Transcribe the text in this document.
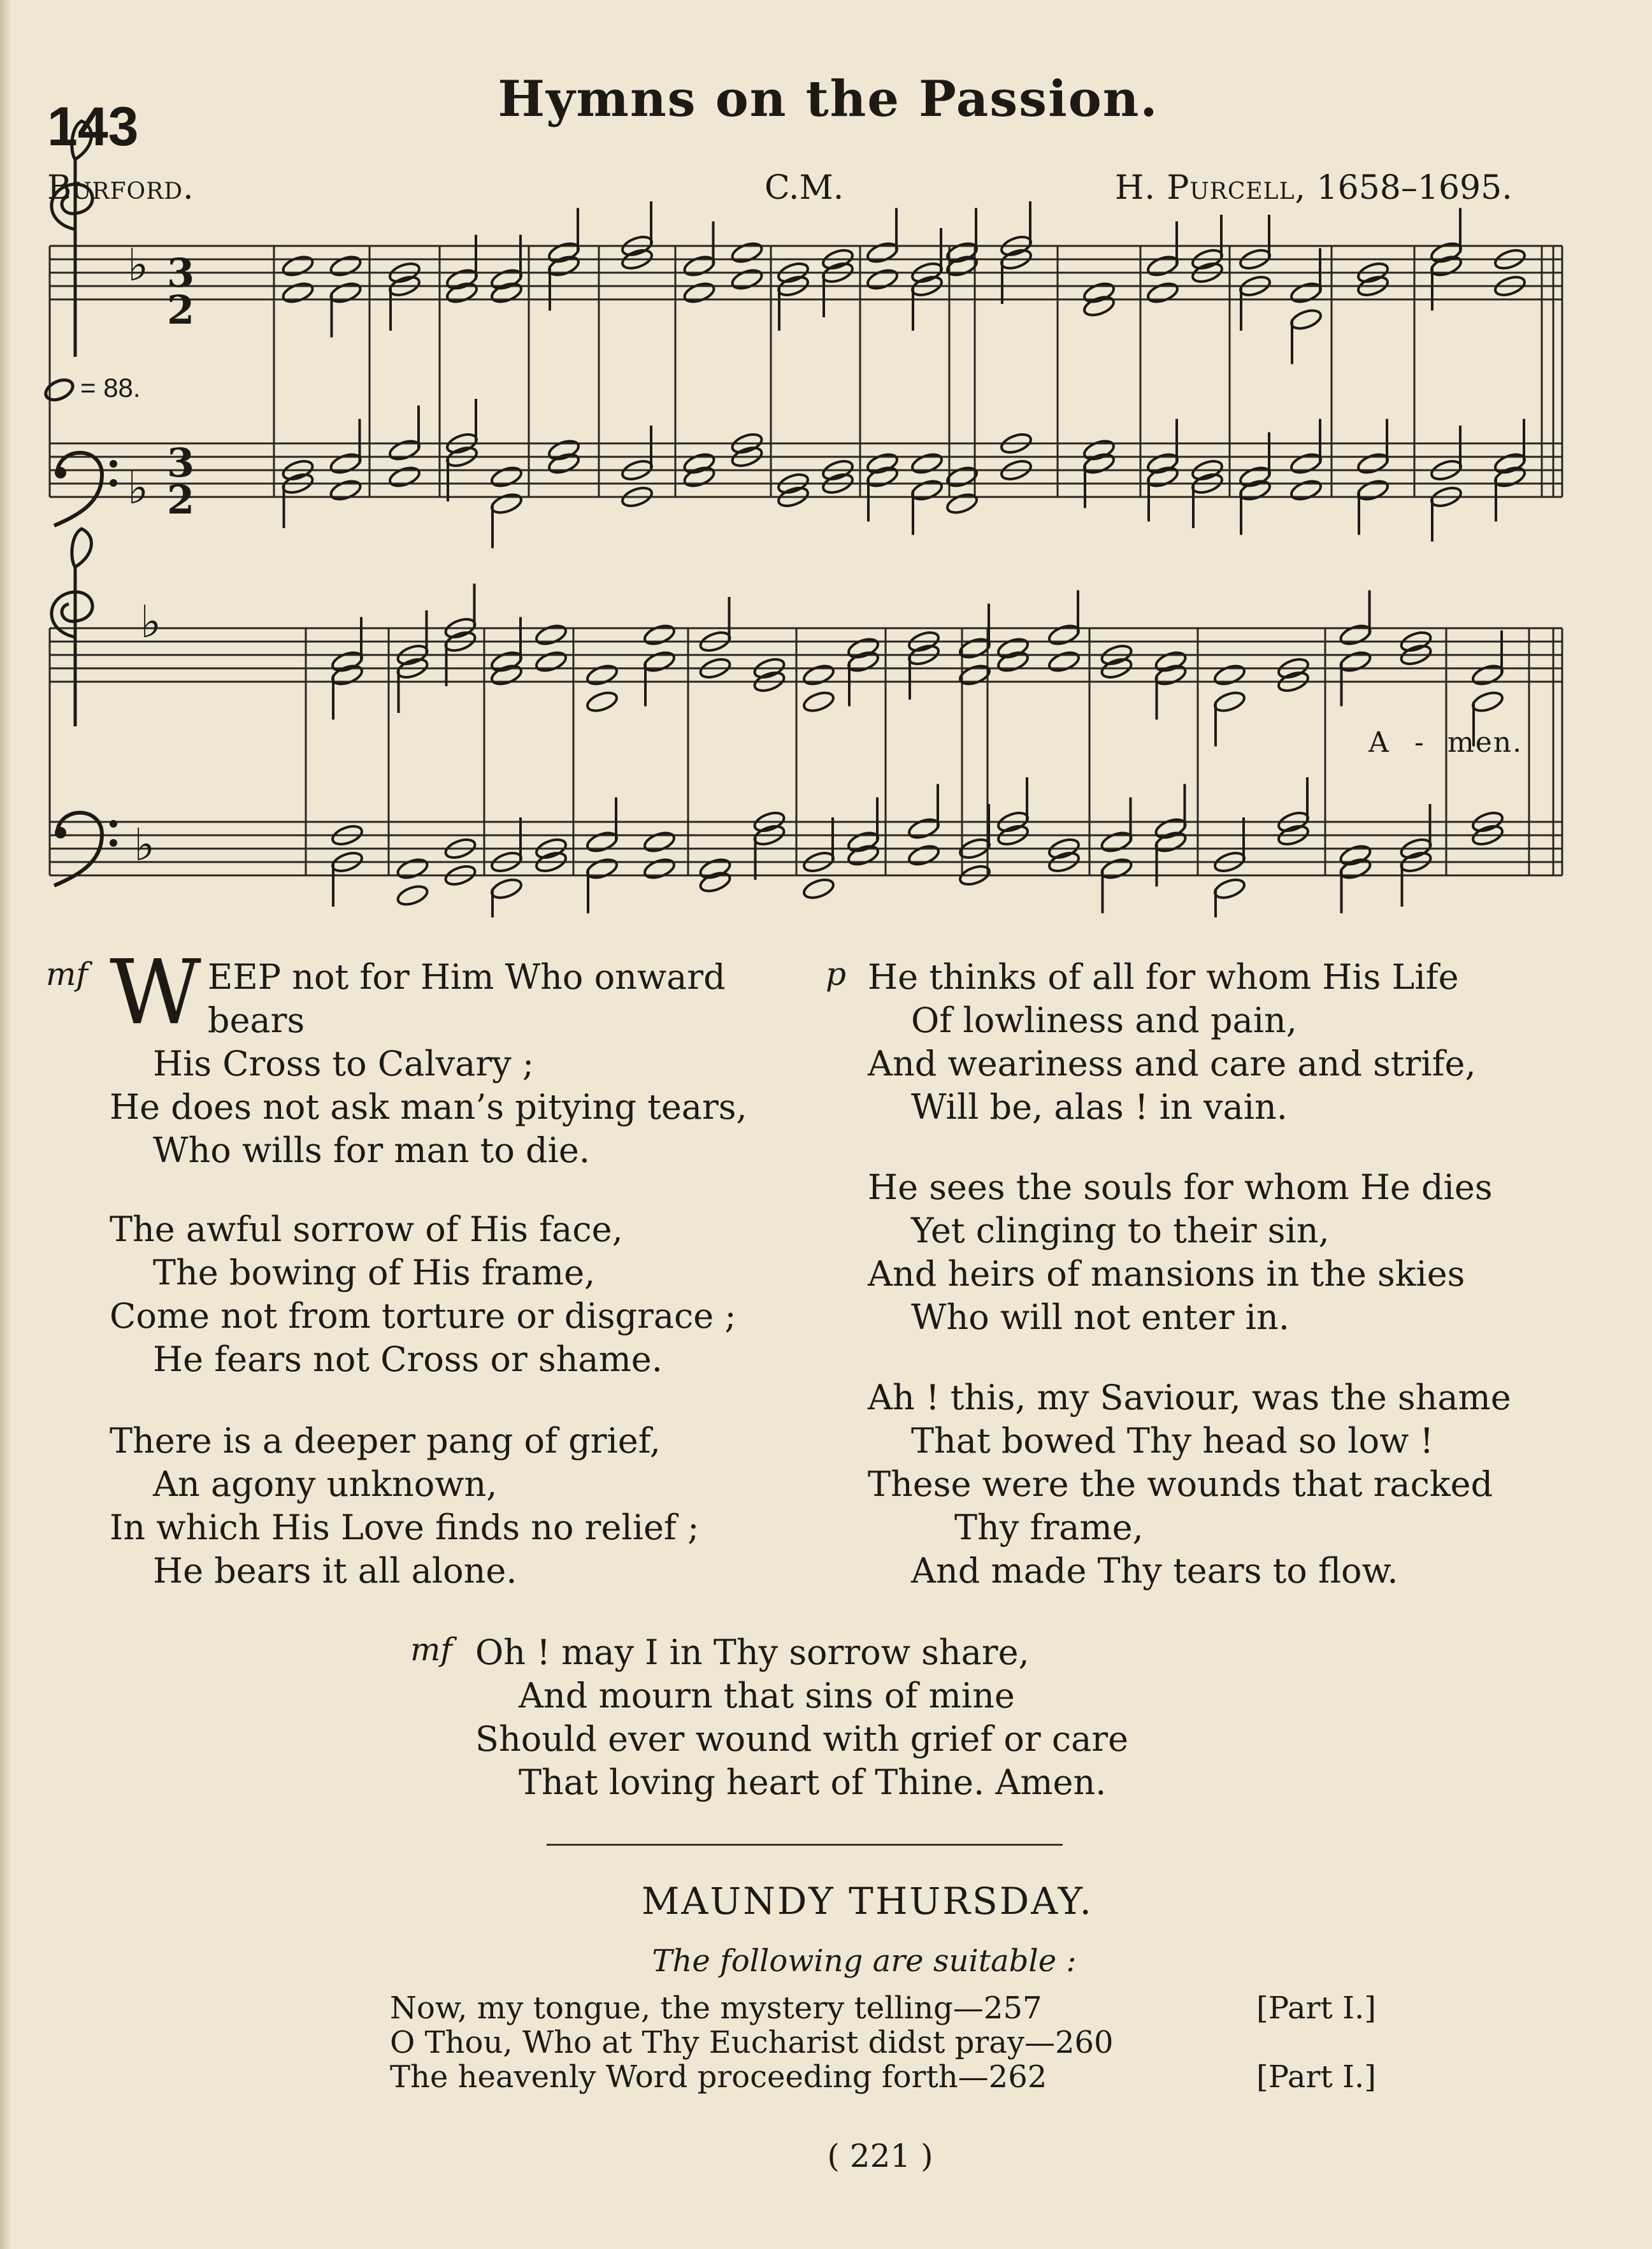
143	Hymns on the Passion.
Burford.	C.M.	H. Purcell, 1658–1695.
♭
♭
♭
♭
3
2
3
2
= 88.
A - men.
mf W EEP not for Him Who onward
bears
His Cross to Calvary ;
He does not ask man’s pitying tears,
Who wills for man to die.
The awful sorrow of His face,
The bowing of His frame,
Come not from torture or disgrace ;
He fears not Cross or shame.
There is a deeper pang of grief,
An agony unknown,
In which His Love finds no relief ;
He bears it all alone.
p He thinks of all for whom His Life
Of lowliness and pain,
And weariness and care and strife,
Will be, alas ! in vain.
He sees the souls for whom He dies
Yet clinging to their sin,
And heirs of mansions in the skies
Who will not enter in.
Ah ! this, my Saviour, was the shame
That bowed Thy head so low !
These were the wounds that racked
Thy frame,
And made Thy tears to flow.
mf Oh ! may I in Thy sorrow share,
And mourn that sins of mine
Should ever wound with grief or care
That loving heart of Thine. Amen.
MAUNDY THURSDAY.
The following are suitable :
Now, my tongue, the mystery telling—257	[Part I.]
O Thou, Who at Thy Eucharist didst pray—260
The heavenly Word proceeding forth—262	[Part I.]
( 221 )
